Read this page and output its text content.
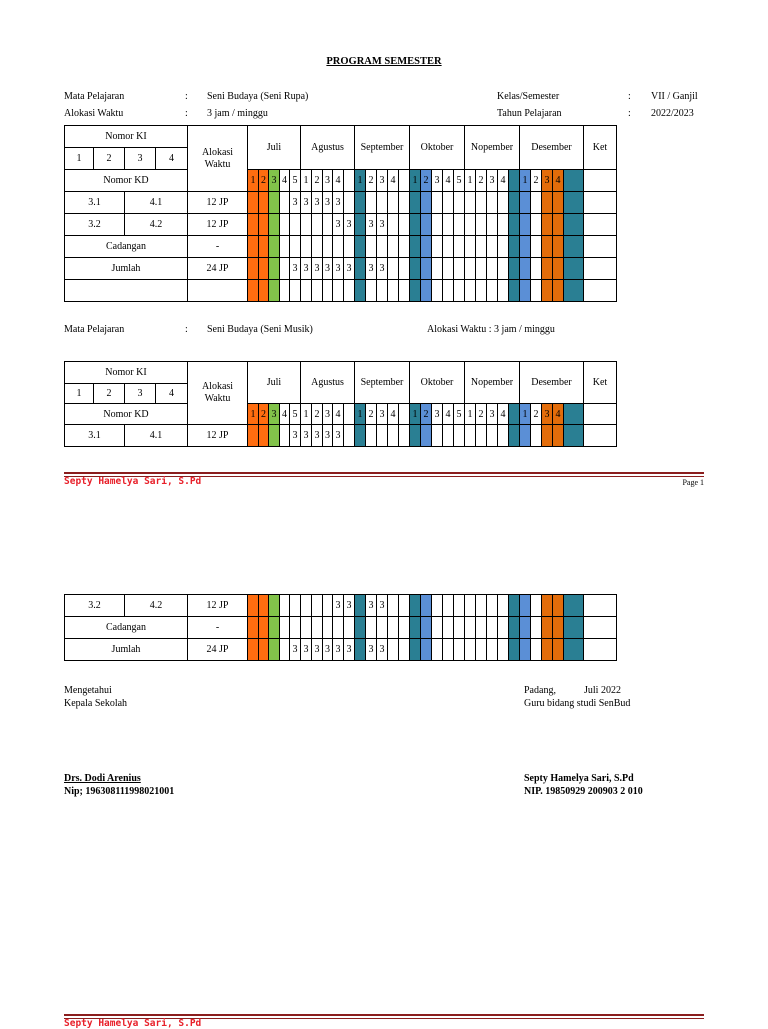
PROGRAM SEMESTER
Mata Pelajaran	: Seni Budaya (Seni Rupa)
Alokasi Waktu	: 3 jam / minggu
Kelas/Semester	: VII / Ganjil
Tahun Pelajaran	: 2022/2023
Nomor KI				Alokasi Waktu	Juli					Agustus					September					Oktober					Nopember					Desember					Ket
1	2	3	4																																
Nomor KD					1	2	3	4	5	1	2	3	4		1	2	3	4		1	2	3	4	5	1	2	3	4		1	2	3	4		
3.1		4.1		12 JP					3	3	3	3	3																						
3.2		4.2		12 JP									3	3		3	3																		
Cadangan				-																															
Jumlah				24 JP					3	3	3	3	3	3		3	3																		

Mata Pelajaran	: Seni Budaya (Seni Musik)	Alokasi Waktu : 3 jam / minggu
Nomor KI				Alokasi Waktu	Juli					Agustus					September					Oktober					Nopember					Desember					Ket
1	2	3	4																																
Nomor KD					1	2	3	4	5	1	2	3	4		1	2	3	4		1	2	3	4	5	1	2	3	4		1	2	3	4		
3.1		4.1		12 JP					3	3	3	3	3																						
Septy Hamelya Sari, S.Pd	Page 1
3.2	4.2	12 JP									3	3		3	3																		
Cadangan		-																															
Jumlah		24 JP					3	3	3	3	3	3		3	3																		
Mengetahui
Kepala Sekolah
Drs. Dodi Arenius
Nip; 196308111998021001
Padang,	Juli 2022
Guru bidang studi SenBud
Septy Hamelya Sari, S.Pd
NIP. 19850929 200903 2 010
Septy Hamelya Sari, S.Pd
